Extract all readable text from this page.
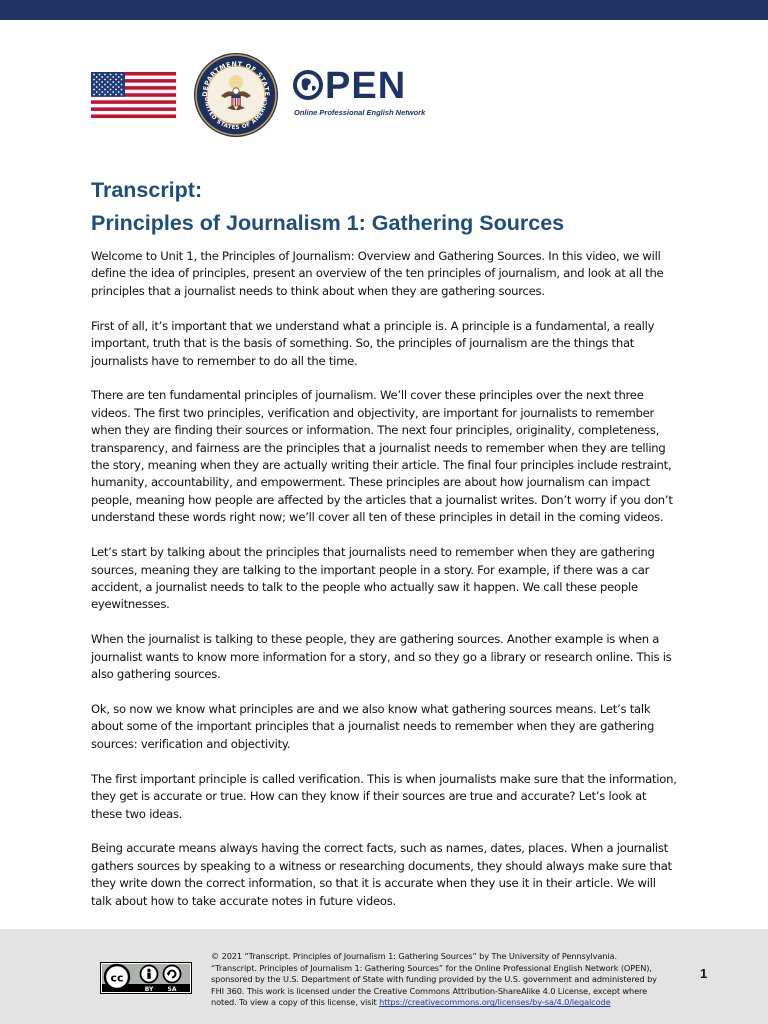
DEPARTMENT OF STATE
UNITED STATES OF AMERICA	PEN
Online Professional English Network
Transcript:
Principles of Journalism 1: Gathering Sources

Welcome to Unit 1, the Principles of Journalism: Overview and Gathering Sources. In this video, we will define the idea of principles, present an overview of the ten principles of journalism, and look at all the principles that a journalist needs to think about when they are gathering sources.

First of all, it’s important that we understand what a principle is. A principle is a fundamental, a really important, truth that is the basis of something. So, the principles of journalism are the things that journalists have to remember to do all the time.

There are ten fundamental principles of journalism. We’ll cover these principles over the next three videos. The first two principles, verification and objectivity, are important for journalists to remember when they are finding their sources or information. The next four principles, originality, completeness, transparency, and fairness are the principles that a journalist needs to remember when they are telling the story, meaning when they are actually writing their article. The final four principles include restraint, humanity, accountability, and empowerment. These principles are about how journalism can impact people, meaning how people are affected by the articles that a journalist writes. Don’t worry if you don’t understand these words right now; we’ll cover all ten of these principles in detail in the coming videos.

Let’s start by talking about the principles that journalists need to remember when they are gathering sources, meaning they are talking to the important people in a story. For example, if there was a car accident, a journalist needs to talk to the people who actually saw it happen. We call these people eyewitnesses.

When the journalist is talking to these people, they are gathering sources. Another example is when a journalist wants to know more information for a story, and so they go a library or research online. This is also gathering sources.

Ok, so now we know what principles are and we also know what gathering sources means. Let’s talk about some of the important principles that a journalist needs to remember when they are gathering sources: verification and objectivity.

The first important principle is called verification. This is when journalists make sure that the information, they get is accurate or true. How can they know if their sources are true and accurate? Let’s look at these two ideas.

Being accurate means always having the correct facts, such as names, dates, places. When a journalist gathers sources by speaking to a witness or researching documents, they should always make sure that they write down the correct information, so that it is accurate when they use it in their article. We will talk about how to take accurate notes in future videos.

cc
BY SA
© 2021 “Transcript. Principles of Journalism 1: Gathering Sources” by The University of Pennsylvania. “Transcript. Principles of Journalism 1: Gathering Sources” for the Online Professional English Network (OPEN), sponsored by the U.S. Department of State with funding provided by the U.S. government and administered by FHI 360. This work is licensed under the Creative Commons Attribution-ShareAlike 4.0 License, except where noted. To view a copy of this license, visit https://creativecommons.org/licenses/by-sa/4.0/legalcode
1
